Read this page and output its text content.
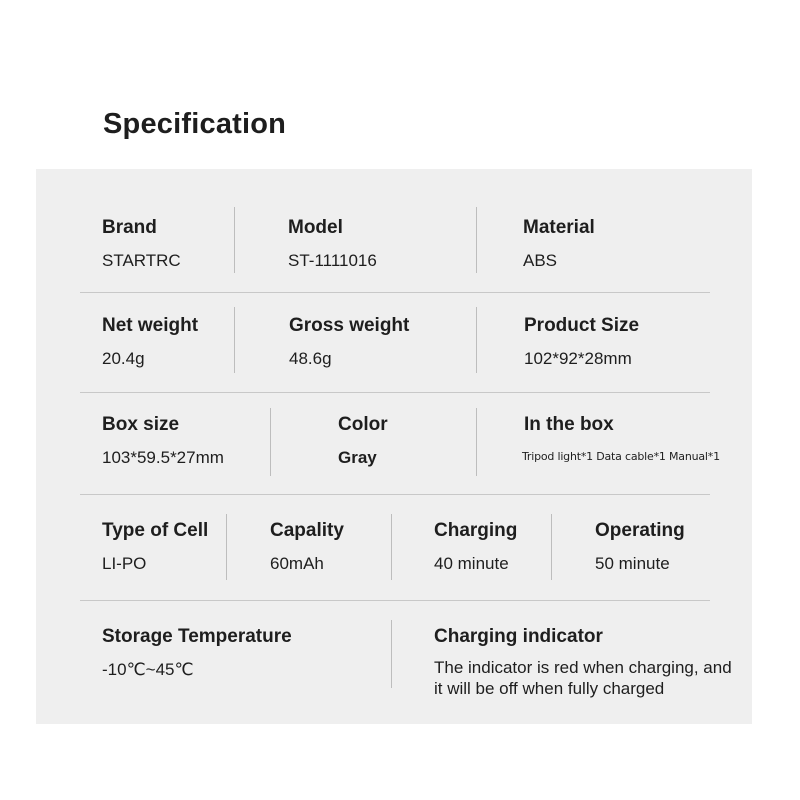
Specification
Brand
STARTRC
Model
ST-1111016
Material
ABS
Net weight
20.4g
Gross weight
48.6g
Product Size
102*92*28mm
Box size
103*59.5*27mm
Color
Gray
In the box
Tripod light*1 Data cable*1 Manual*1
Type of Cell
LI-PO
Capality
60mAh
Charging
40 minute
Operating
50 minute
Storage Temperature
-10℃~45℃
Charging indicator
The indicator is red when charging, and it will be off when fully charged
